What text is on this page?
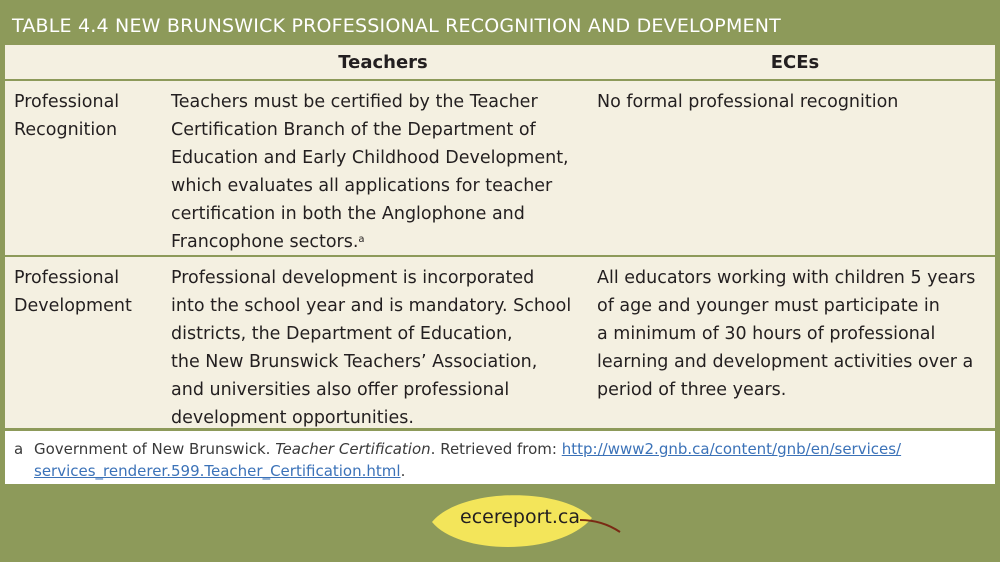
TABLE 4.4 NEW BRUNSWICK PROFESSIONAL RECOGNITION AND DEVELOPMENT
Teachers	ECEs
Professional
Recognition
Teachers must be certified by the Teacher
Certification Branch of the Department of
Education and Early Childhood Development,
which evaluates all applications for teacher
certification in both the Anglophone and
Francophone sectors.$^a$
No formal professional recognition
Professional
Development
Professional development is incorporated
into the school year and is mandatory. School
districts, the Department of Education,
the New Brunswick Teachers’ Association,
and universities also offer professional
development opportunities.
All educators working with children 5 years
of age and younger must participate in
a minimum of 30 hours of professional
learning and development activities over a
period of three years.
a Government of New Brunswick. Teacher Certification. Retrieved from: http://www2.gnb.ca/content/gnb/en/services/
services_renderer.599.Teacher_Certification.html.
ecereport.ca
